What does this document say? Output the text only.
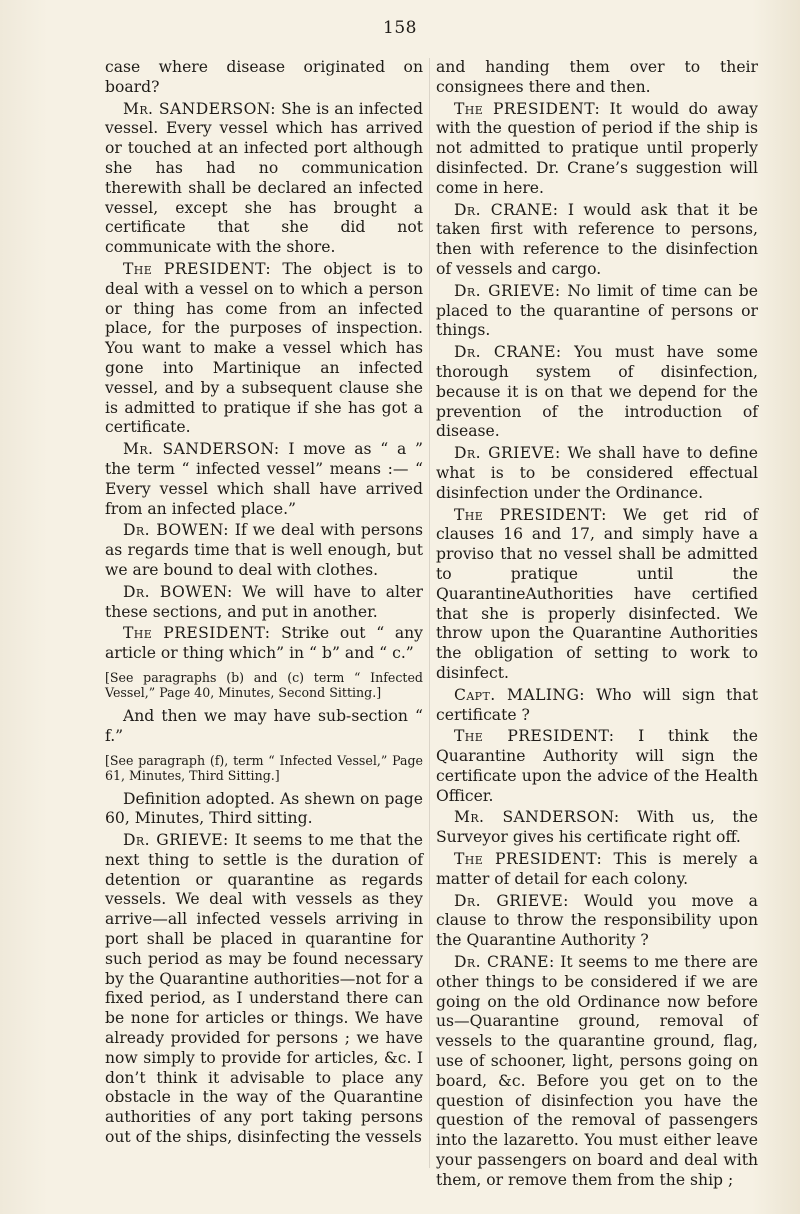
158

case where disease originated on board?

Mr. SANDERSON: She is an infected vessel. Every vessel which has arrived or touched at an infected port although she has had no communication therewith shall be declared an infected vessel, except she has brought a certificate that she did not communicate with the shore.

The PRESIDENT: The object is to deal with a vessel on to which a person or thing has come from an infected place, for the purposes of inspection. You want to make a vessel which has gone into Martinique an infected vessel, and by a subsequent clause she is admitted to pratique if she has got a certificate.

Mr. SANDERSON: I move as “ a ” the term “ infected vessel” means :— “ Every vessel which shall have arrived from an infected place.”

Dr. BOWEN: If we deal with persons as regards time that is well enough, but we are bound to deal with clothes.

Dr. BOWEN: We will have to alter these sections, and put in another.

The PRESIDENT: Strike out “ any article or thing which” in “ b” and “ c.”

[See paragraphs (b) and (c) term “ Infected Vessel,” Page 40, Minutes, Second Sitting.]

And then we may have sub-section “ f.”

[See paragraph (f), term “ Infected Vessel,” Page 61, Minutes, Third Sitting.]

Definition adopted. As shewn on page 60, Minutes, Third sitting.

Dr. GRIEVE: It seems to me that the next thing to settle is the duration of detention or quarantine as regards vessels. We deal with vessels as they arrive—all infected vessels arriving in port shall be placed in quarantine for such period as may be found necessary by the Quarantine authorities—not for a fixed period, as I understand there can be none for articles or things. We have already provided for persons ; we have now simply to provide for articles, &c. I don’t think it advisable to place any obstacle in the way of the Quarantine authorities of any port taking persons out of the ships, disinfecting the vessels

and handing them over to their consignees there and then.

The PRESIDENT: It would do away with the question of period if the ship is not admitted to pratique until properly disinfected. Dr. Crane’s suggestion will come in here.

Dr. CRANE: I would ask that it be taken first with reference to persons, then with reference to the disinfection of vessels and cargo.

Dr. GRIEVE: No limit of time can be placed to the quarantine of persons or things.

Dr. CRANE: You must have some thorough system of disinfection, because it is on that we depend for the prevention of the introduction of disease.

Dr. GRIEVE: We shall have to define what is to be considered effectual disinfection under the Ordinance.

The PRESIDENT: We get rid of clauses 16 and 17, and simply have a proviso that no vessel shall be admitted to pratique until the QuarantineAuthorities have certified that she is properly disinfected. We throw upon the Quarantine Authorities the obligation of setting to work to disinfect.

Capt. MALING: Who will sign that certificate ?

The PRESIDENT: I think the Quarantine Authority will sign the certificate upon the advice of the Health Officer.

Mr. SANDERSON: With us, the Surveyor gives his certificate right off.

The PRESIDENT: This is merely a matter of detail for each colony.

Dr. GRIEVE: Would you move a clause to throw the responsibility upon the Quarantine Authority ?

Dr. CRANE: It seems to me there are other things to be considered if we are going on the old Ordinance now before us—Quarantine ground, removal of vessels to the quarantine ground, flag, use of schooner, light, persons going on board, &c. Before you get on to the question of disinfection you have the question of the removal of passengers into the lazaretto. You must either leave your passengers on board and deal with them, or remove them from the ship ;
